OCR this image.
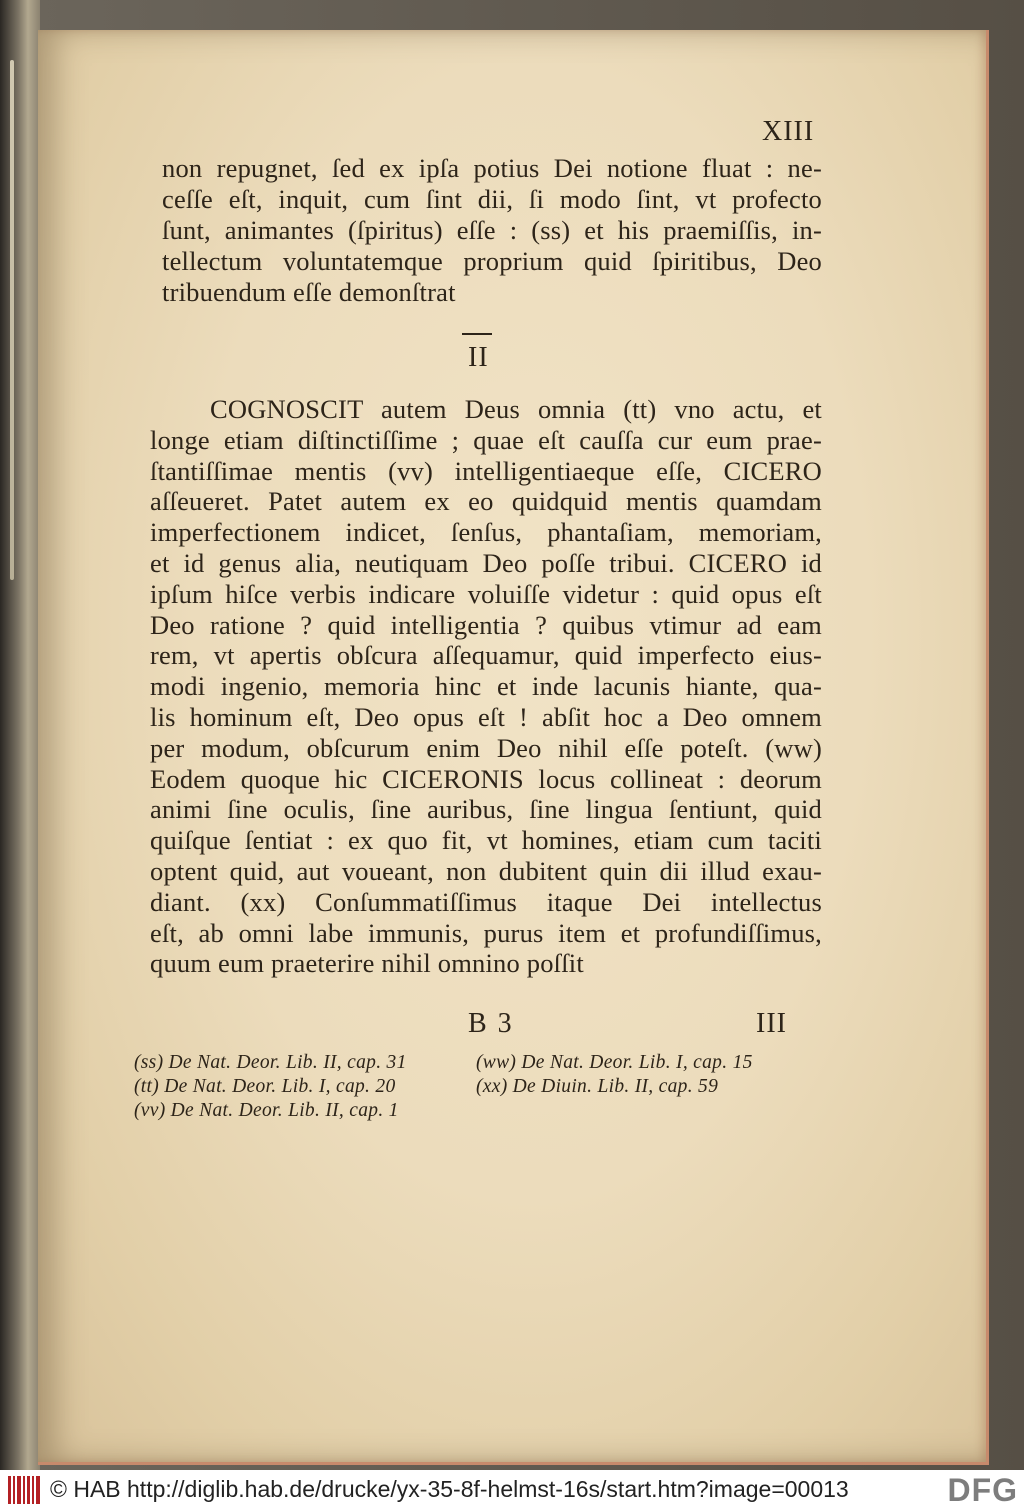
XIII
non repugnet, ſed ex ipſa potius Dei notione fluat : ne-
ceſſe eſt, inquit, cum ſint dii, ſi modo ſint, vt profecto
ſunt, animantes (ſpiritus) eſſe : (ss) et his praemiſſis, in-
tellectum voluntatemque proprium quid ſpiritibus, Deo
tribuendum eſſe demonſtrat
II
COGNOSCIT autem Deus omnia (tt) vno actu, et
longe etiam diſtinctiſſime ; quae eſt cauſſa cur eum prae-
ſtantiſſimae mentis (vv) intelligentiaeque eſſe, CICERO
aſſeueret. Patet autem ex eo quidquid mentis quamdam
imperfectionem indicet, ſenſus, phantaſiam, memoriam,
et id genus alia, neutiquam Deo poſſe tribui. CICERO id
ipſum hiſce verbis indicare voluiſſe videtur : quid opus eſt
Deo ratione ? quid intelligentia ? quibus vtimur ad eam
rem, vt apertis obſcura aſſequamur, quid imperfecto eius-
modi ingenio, memoria hinc et inde lacunis hiante, qua-
lis hominum eſt, Deo opus eſt ! abſit hoc a Deo omnem
per modum, obſcurum enim Deo nihil eſſe poteſt. (ww)
Eodem quoque hic CICERONIS locus collineat : deorum
animi ſine oculis, ſine auribus, ſine lingua ſentiunt, quid
quiſque ſentiat : ex quo fit, vt homines, etiam cum taciti
optent quid, aut voueant, non dubitent quin dii illud exau-
diant. (xx) Conſummatiſſimus itaque Dei intellectus
eſt, ab omni labe immunis, purus item et profundiſſimus,
quum eum praeterire nihil omnino poſſit
B 3	III
(ss) De Nat. Deor. Lib. II, cap. 31
(tt) De Nat. Deor. Lib. I, cap. 20
(vv) De Nat. Deor. Lib. II, cap. 1
(ww) De Nat. Deor. Lib. I, cap. 15
(xx) De Diuin. Lib. II, cap. 59
© HAB http://diglib.hab.de/drucke/yx-35-8f-helmst-16s/start.htm?image=00013	DFG
